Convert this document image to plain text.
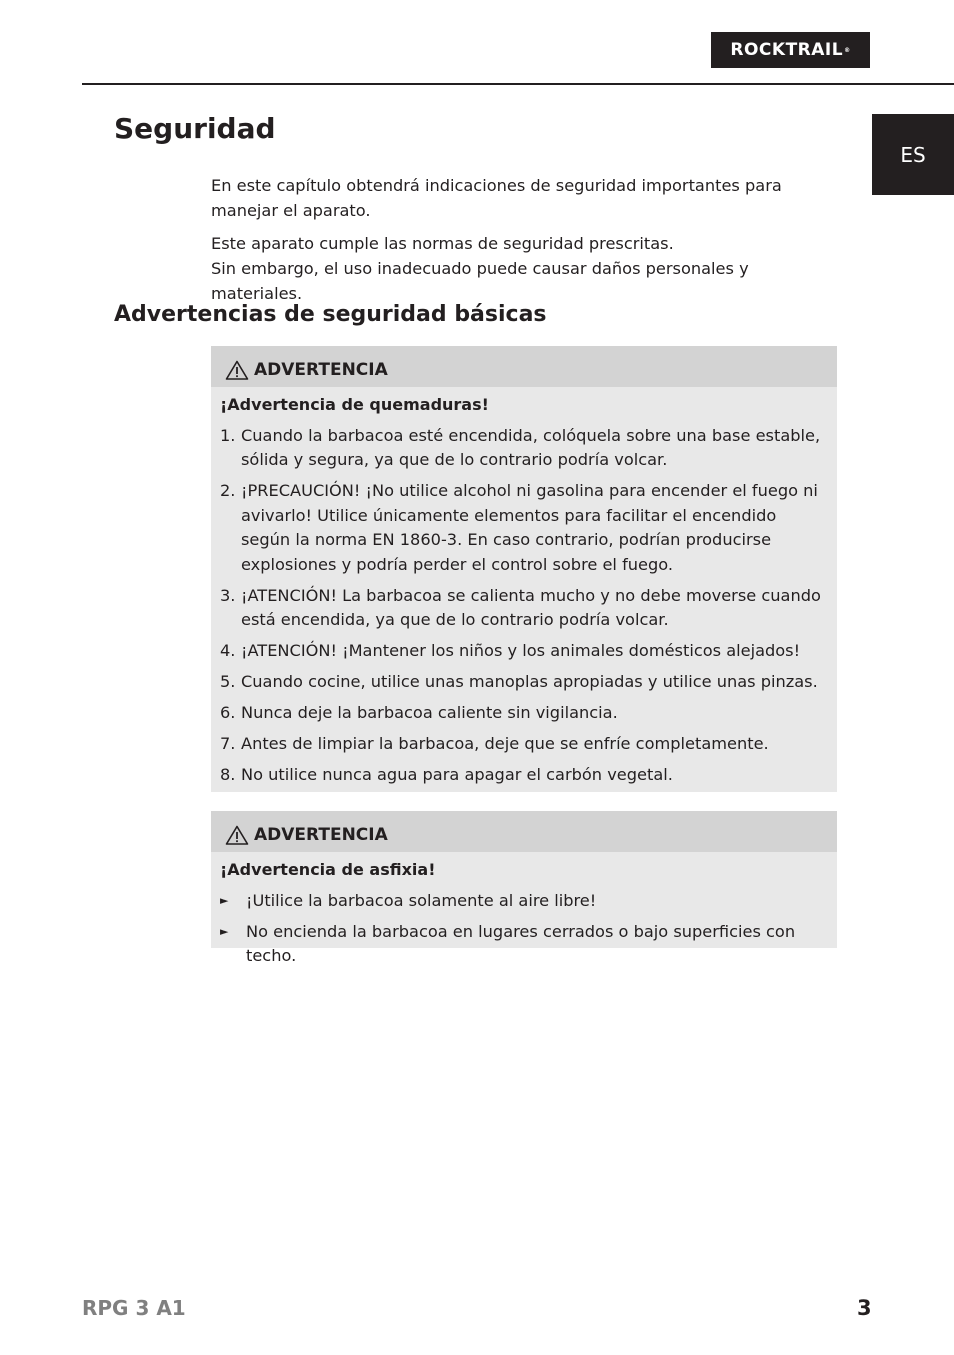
ROCKTRAIL ®
ES
Seguridad

En este capítulo obtendrá indicaciones de seguridad importantes para manejar el aparato.

Este aparato cumple las normas de seguridad prescritas.
Sin embargo, el uso inadecuado puede causar daños personales y materiales.

Advertencias de seguridad básicas
ADVERTENCIA
¡Advertencia de quemaduras!
1. Cuando la barbacoa esté encendida, colóquela sobre una base estable, sólida y segura, ya que de lo contrario podría volcar.
2. ¡PRECAUCIÓN! ¡No utilice alcohol ni gasolina para encender el fuego ni avivarlo! Utilice únicamente elementos para facilitar el encendido según la norma EN 1860-3. En caso contrario, podrían producirse explosiones y podría perder el control sobre el fuego.
3. ¡ATENCIÓN! La barbacoa se calienta mucho y no debe moverse cuando está encendida, ya que de lo contrario podría volcar.
4. ¡ATENCIÓN! ¡Mantener los niños y los animales domésticos alejados!
5. Cuando cocine, utilice unas manoplas apropiadas y utilice unas pinzas.
6. Nunca deje la barbacoa caliente sin vigilancia.
7. Antes de limpiar la barbacoa, deje que se enfríe completamente.
8. No utilice nunca agua para apagar el carbón vegetal.
ADVERTENCIA
¡Advertencia de asfixia!
► ¡Utilice la barbacoa solamente al aire libre!
► No encienda la barbacoa en lugares cerrados o bajo superficies con techo.
RPG 3 A1	3
